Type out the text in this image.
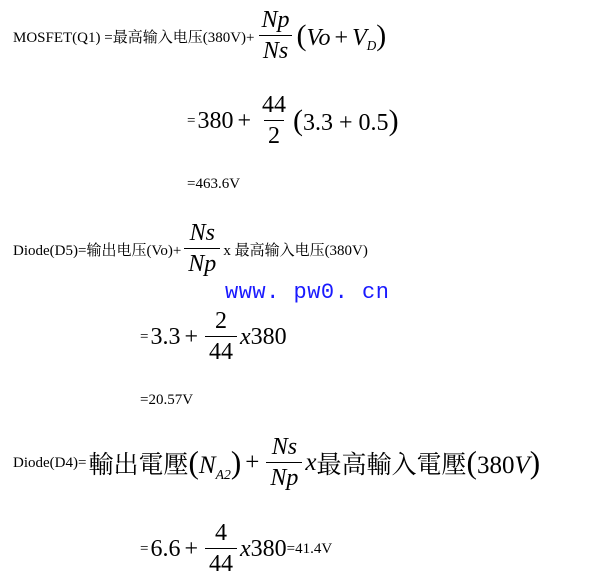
MOSFET(Q1) =最高输入电压$(380V)+ \frac{Np}{Ns} (Vo + V_D)$
= $380 + \frac{44}{2} (3.3 + 0.5)$
=463.6V
Diode(D5)=输出电压$(Vo)+ \frac{Ns}{Np}$ x 最高输入电压(380V)
www. pw0. cn
= $3.3 + \frac{2}{44}$ x 380
=20.57V
Diode(D4)= 輸出電壓 $(N_{A2}) + \frac{Ns}{Np}$ x 最高輸入電壓 (380V)
= $6.6 + \frac{4}{44}$ x 380 =41.4V
